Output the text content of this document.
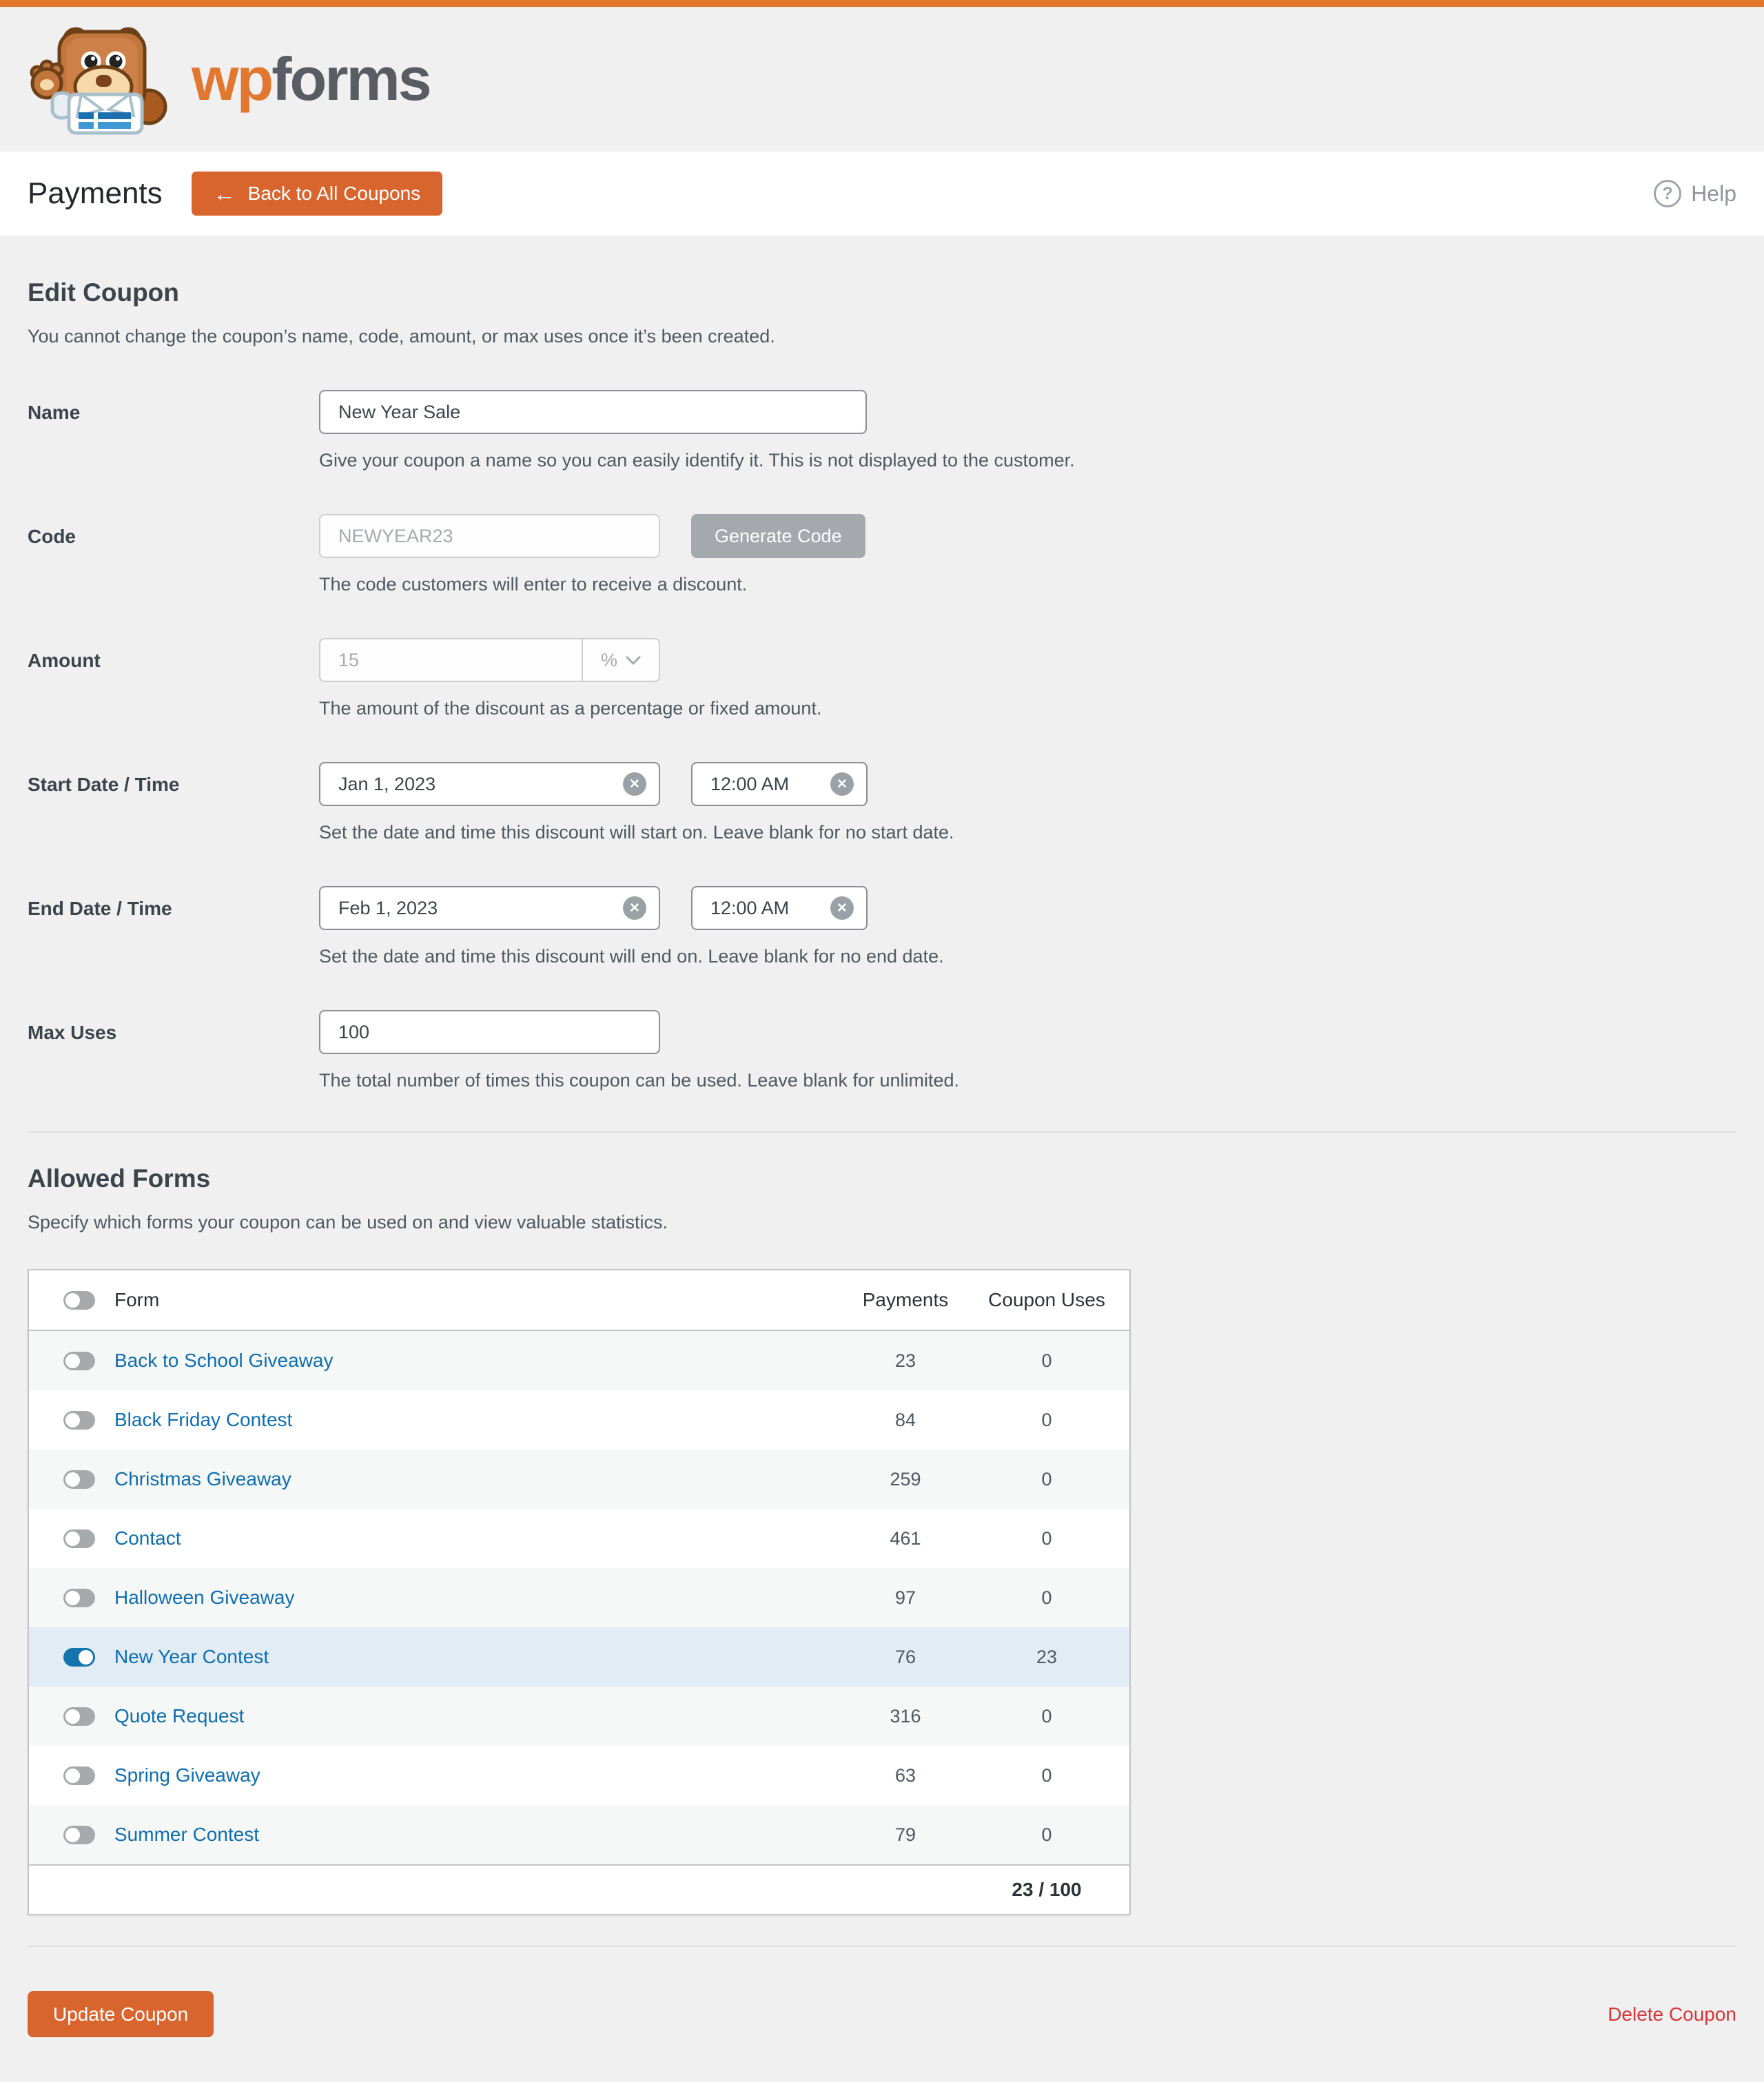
wpforms
Payments ← Back to All Coupons	? Help
Edit Coupon
You cannot change the coupon’s name, code, amount, or max uses once it’s been created.
Name
New Year Sale
Give your coupon a name so you can easily identify it. This is not displayed to the customer.
Code
NEWYEAR23	Generate Code
The code customers will enter to receive a discount.
Amount
15	%
The amount of the discount as a percentage or fixed amount.
Start Date / Time
Jan 1, 2023	✕
12:00 AM	✕
Set the date and time this discount will start on. Leave blank for no start date.
End Date / Time
Feb 1, 2023	✕
12:00 AM	✕
Set the date and time this discount will end on. Leave blank for no end date.
Max Uses
100
The total number of times this coupon can be used. Leave blank for unlimited.
Allowed Forms
Specify which forms your coupon can be used on and view valuable statistics.
Form	Payments	Coupon Uses
Back to School Giveaway	23	0
Black Friday Contest	84	0
Christmas Giveaway	259	0
Contact	461	0
Halloween Giveaway	97	0
New Year Contest	76	23
Quote Request	316	0
Spring Giveaway	63	0
Summer Contest	79	0
23 / 100
Update Coupon	Delete Coupon
